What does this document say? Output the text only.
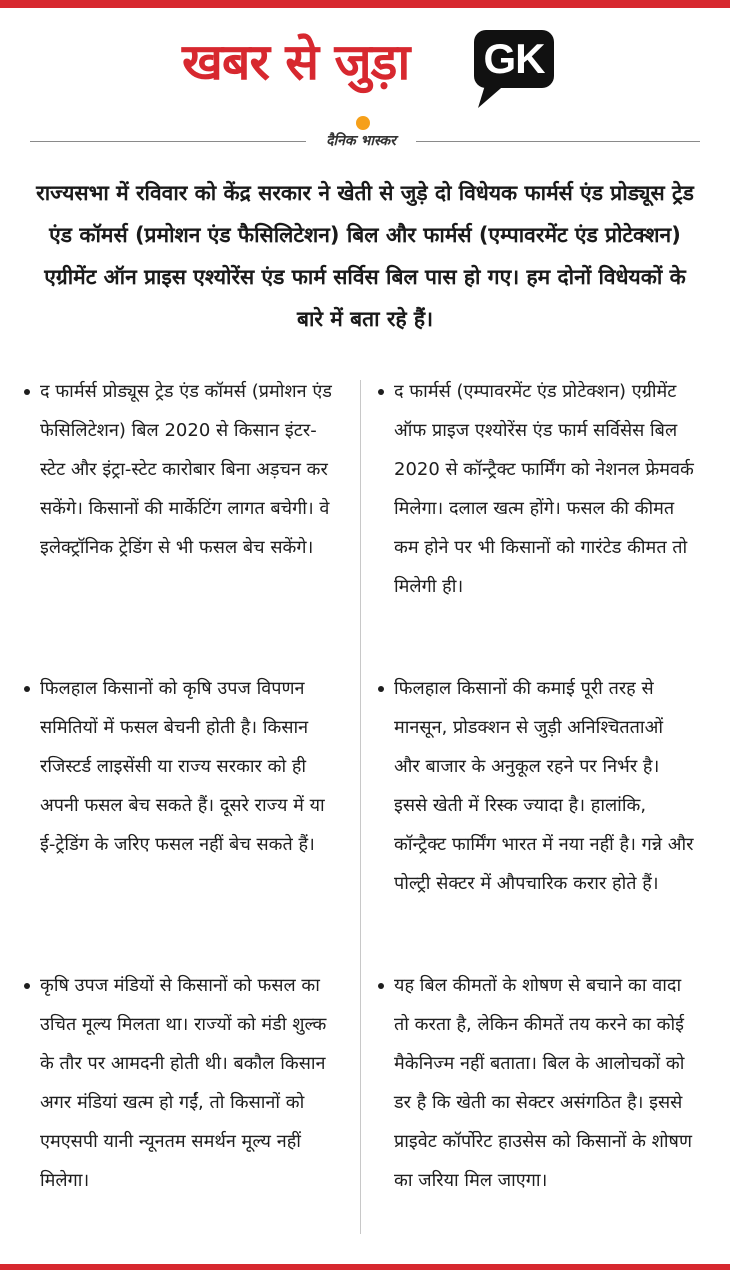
खबर से जुड़ा	GK
दैनिक भास्कर
राज्यसभा में रविवार को केंद्र सरकार ने खेती से जुड़े दो विधेयक फार्मर्स एंड प्रोड्यूस ट्रेड एंड कॉमर्स (प्रमोशन एंड फैसिलिटेशन) बिल और फार्मर्स (एम्पावरमेंट एंड प्रोटेक्शन) एग्रीमेंट ऑन प्राइस एश्योरेंस एंड फार्म सर्विस बिल पास हो गए। हम दोनों विधेयकों के बारे में बता रहे हैं।
द फार्मर्स प्रोड्यूस ट्रेड एंड कॉमर्स (प्रमोशन एंड फेसिलिटेशन) बिल 2020 से किसान इंटर-स्टेट और इंट्रा-स्टेट कारोबार बिना अड़चन कर सकेंगे। किसानों की मार्केटिंग लागत बचेगी। वे इलेक्ट्रॉनिक ट्रेडिंग से भी फसल बेच सकेंगे।
फिलहाल किसानों को कृषि उपज विपणन समितियों में फसल बेचनी होती है। किसान रजिस्टर्ड लाइसेंसी या राज्य सरकार को ही अपनी फसल बेच सकते हैं। दूसरे राज्य में या ई-ट्रेडिंग के जरिए फसल नहीं बेच सकते हैं।
कृषि उपज मंडियों से किसानों को फसल का उचित मूल्य मिलता था। राज्यों को मंडी शुल्क के तौर पर आमदनी होती थी। बकौल किसान अगर मंडियां खत्म हो गईं, तो किसानों को एमएसपी यानी न्यूनतम समर्थन मूल्य नहीं मिलेगा।
द फार्मर्स (एम्पावरमेंट एंड प्रोटेक्शन) एग्रीमेंट ऑफ प्राइज एश्योरेंस एंड फार्म सर्विसेस बिल 2020 से कॉन्ट्रैक्ट फार्मिंग को नेशनल फ्रेमवर्क मिलेगा। दलाल खत्म होंगे। फसल की कीमत कम होने पर भी किसानों को गारंटेड कीमत तो मिलेगी ही।
फिलहाल किसानों की कमाई पूरी तरह से मानसून, प्रोडक्शन से जुड़ी अनिश्चितताओं और बाजार के अनुकूल रहने पर निर्भर है। इससे खेती में रिस्क ज्यादा है। हालांकि, कॉन्ट्रैक्ट फार्मिंग भारत में नया नहीं है। गन्ने और पोल्ट्री सेक्टर में औपचारिक करार होते हैं।
यह बिल कीमतों के शोषण से बचाने का वादा तो करता है, लेकिन कीमतें तय करने का कोई मैकेनिज्म नहीं बताता। बिल के आलोचकों को डर है कि खेती का सेक्टर असंगठित है। इससे प्राइवेट कॉर्पोरेट हाउसेस को किसानों के शोषण का जरिया मिल जाएगा।
